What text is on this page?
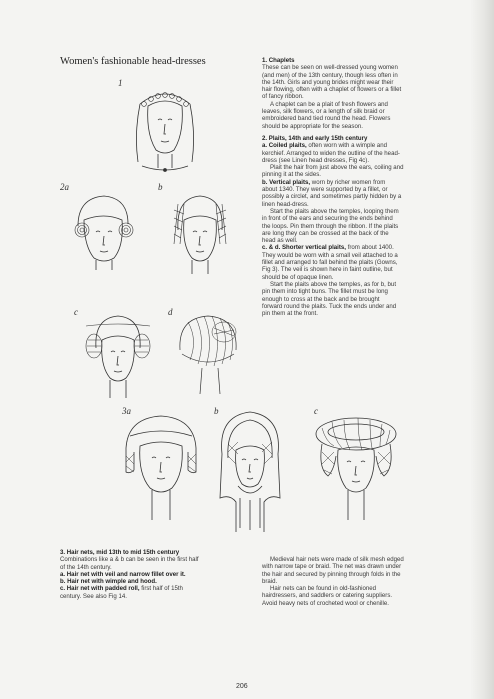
Women's fashionable head-dresses
1
2a	b
c	d
3a	b	c

1. Chaplets

These can be seen on well-dressed young women

(and men) of the 13th century, though less often in

the 14th. Girls and young brides might wear their

hair flowing, often with a chaplet of flowers or a fillet

of fancy ribbon.

A chaplet can be a plait of fresh flowers and

leaves, silk flowers, or a length of silk braid or

embroidered band tied round the head. Flowers

should be appropriate for the season.

2. Plaits, 14th and early 15th century

a. Coiled plaits, often worn with a wimple and

kerchief. Arranged to widen the outline of the head-

dress (see Linen head dresses, Fig 4c).

Plait the hair from just above the ears, coiling and

pinning it at the sides.

b. Vertical plaits, worn by richer women from

about 1340. They were supported by a fillet, or

possibly a circlet, and sometimes partly hidden by a

linen head-dress.

Start the plaits above the temples, looping them

in front of the ears and securing the ends behind

the loops. Pin them through the ribbon. If the plaits

are long they can be crossed at the back of the

head as well.

c. & d. Shorter vertical plaits, from about 1400.

They would be worn with a small veil attached to a

fillet and arranged to fall behind the plaits (Gowns,

Fig 3). The veil is shown here in faint outline, but

should be of opaque linen.

Start the plaits above the temples, as for b, but

pin them into tight buns. The fillet must be long

enough to cross at the back and be brought

forward round the plaits. Tuck the ends under and

pin them at the front.

3. Hair nets, mid 13th to mid 15th century

Combinations like a & b can be seen in the first half

of the 14th century.

a. Hair net with veil and narrow fillet over it.

b. Hair net with wimple and hood.

c. Hair net with padded roll, first half of 15th

century. See also Fig 14.

Medieval hair nets were made of silk mesh edged

with narrow tape or braid. The net was drawn under

the hair and secured by pinning through folds in the

braid.

Hair nets can be found in old-fashioned

hairdressers, and saddlers or catering suppliers.

Avoid heavy nets of crocheted wool or chenille.

206
